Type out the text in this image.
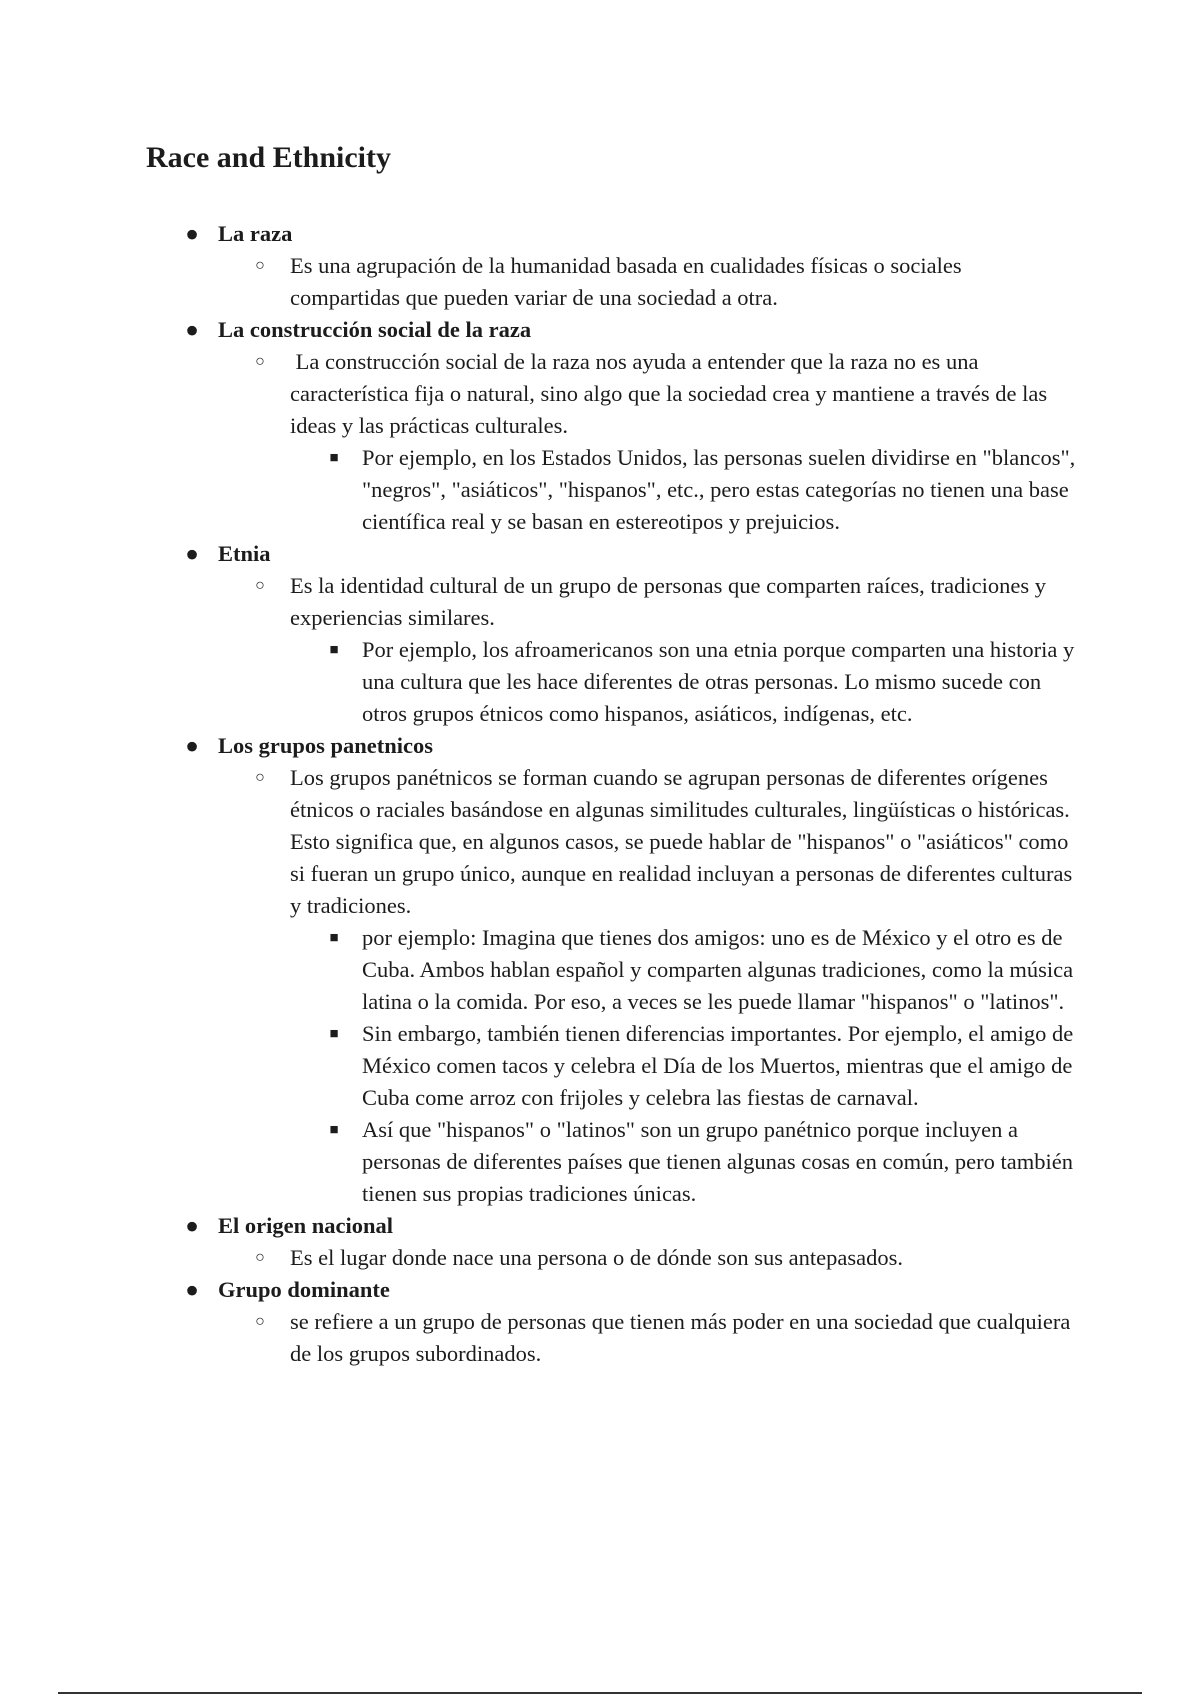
Race and Ethnicity
● La raza
○ Es una agrupación de la humanidad basada en cualidades físicas o sociales compartidas que pueden variar de una sociedad a otra.
● La construcción social de la raza
○ La construcción social de la raza nos ayuda a entender que la raza no es una característica fija o natural, sino algo que la sociedad crea y mantiene a través de las ideas y las prácticas culturales.
■ Por ejemplo, en los Estados Unidos, las personas suelen dividirse en "blancos", "negros", "asiáticos", "hispanos", etc., pero estas categorías no tienen una base científica real y se basan en estereotipos y prejuicios.
● Etnia
○ Es la identidad cultural de un grupo de personas que comparten raíces, tradiciones y experiencias similares.
■ Por ejemplo, los afroamericanos son una etnia porque comparten una historia y una cultura que les hace diferentes de otras personas. Lo mismo sucede con otros grupos étnicos como hispanos, asiáticos, indígenas, etc.
● Los grupos panetnicos
○ Los grupos panétnicos se forman cuando se agrupan personas de diferentes orígenes étnicos o raciales basándose en algunas similitudes culturales, lingüísticas o históricas. Esto significa que, en algunos casos, se puede hablar de "hispanos" o "asiáticos" como si fueran un grupo único, aunque en realidad incluyan a personas de diferentes culturas y tradiciones.
■ por ejemplo: Imagina que tienes dos amigos: uno es de México y el otro es de Cuba. Ambos hablan español y comparten algunas tradiciones, como la música latina o la comida. Por eso, a veces se les puede llamar "hispanos" o "latinos".
■ Sin embargo, también tienen diferencias importantes. Por ejemplo, el amigo de México comen tacos y celebra el Día de los Muertos, mientras que el amigo de Cuba come arroz con frijoles y celebra las fiestas de carnaval.
■ Así que "hispanos" o "latinos" son un grupo panétnico porque incluyen a personas de diferentes países que tienen algunas cosas en común, pero también tienen sus propias tradiciones únicas.
● El origen nacional
○ Es el lugar donde nace una persona o de dónde son sus antepasados.
● Grupo dominante
○ se refiere a un grupo de personas que tienen más poder en una sociedad que cualquiera de los grupos subordinados.
